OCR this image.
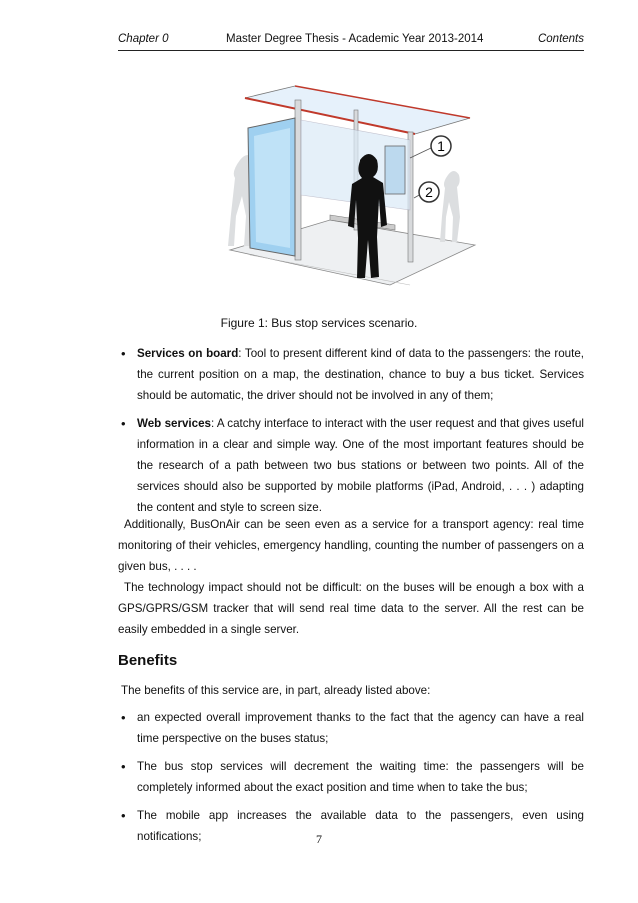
Chapter 0	Master Degree Thesis - Academic Year 2013-2014	Contents
1
2
Figure 1: Bus stop services scenario.
• Services on board: Tool to present different kind of data to the passengers: the route, the current position on a map, the destination, chance to buy a bus ticket. Services should be automatic, the driver should not be involved in any of them;
• Web services: A catchy interface to interact with the user request and that gives useful information in a clear and simple way. One of the most important features should be the research of a path between two bus stations or between two points. All of the services should also be supported by mobile platforms (iPad, Android, . . . ) adapting the content and style to screen size.
Additionally, BusOnAir can be seen even as a service for a transport agency: real time monitoring of their vehicles, emergency handling, counting the number of passengers on a given bus, . . . .
The technology impact should not be difficult: on the buses will be enough a box with a GPS/GPRS/GSM tracker that will send real time data to the server. All the rest can be easily embedded in a single server.
Benefits
The benefits of this service are, in part, already listed above:
• an expected overall improvement thanks to the fact that the agency can have a real time perspective on the buses status;
• The bus stop services will decrement the waiting time: the passengers will be completely informed about the exact position and time when to take the bus;
• The mobile app increases the available data to the passengers, even using notifications;	7
